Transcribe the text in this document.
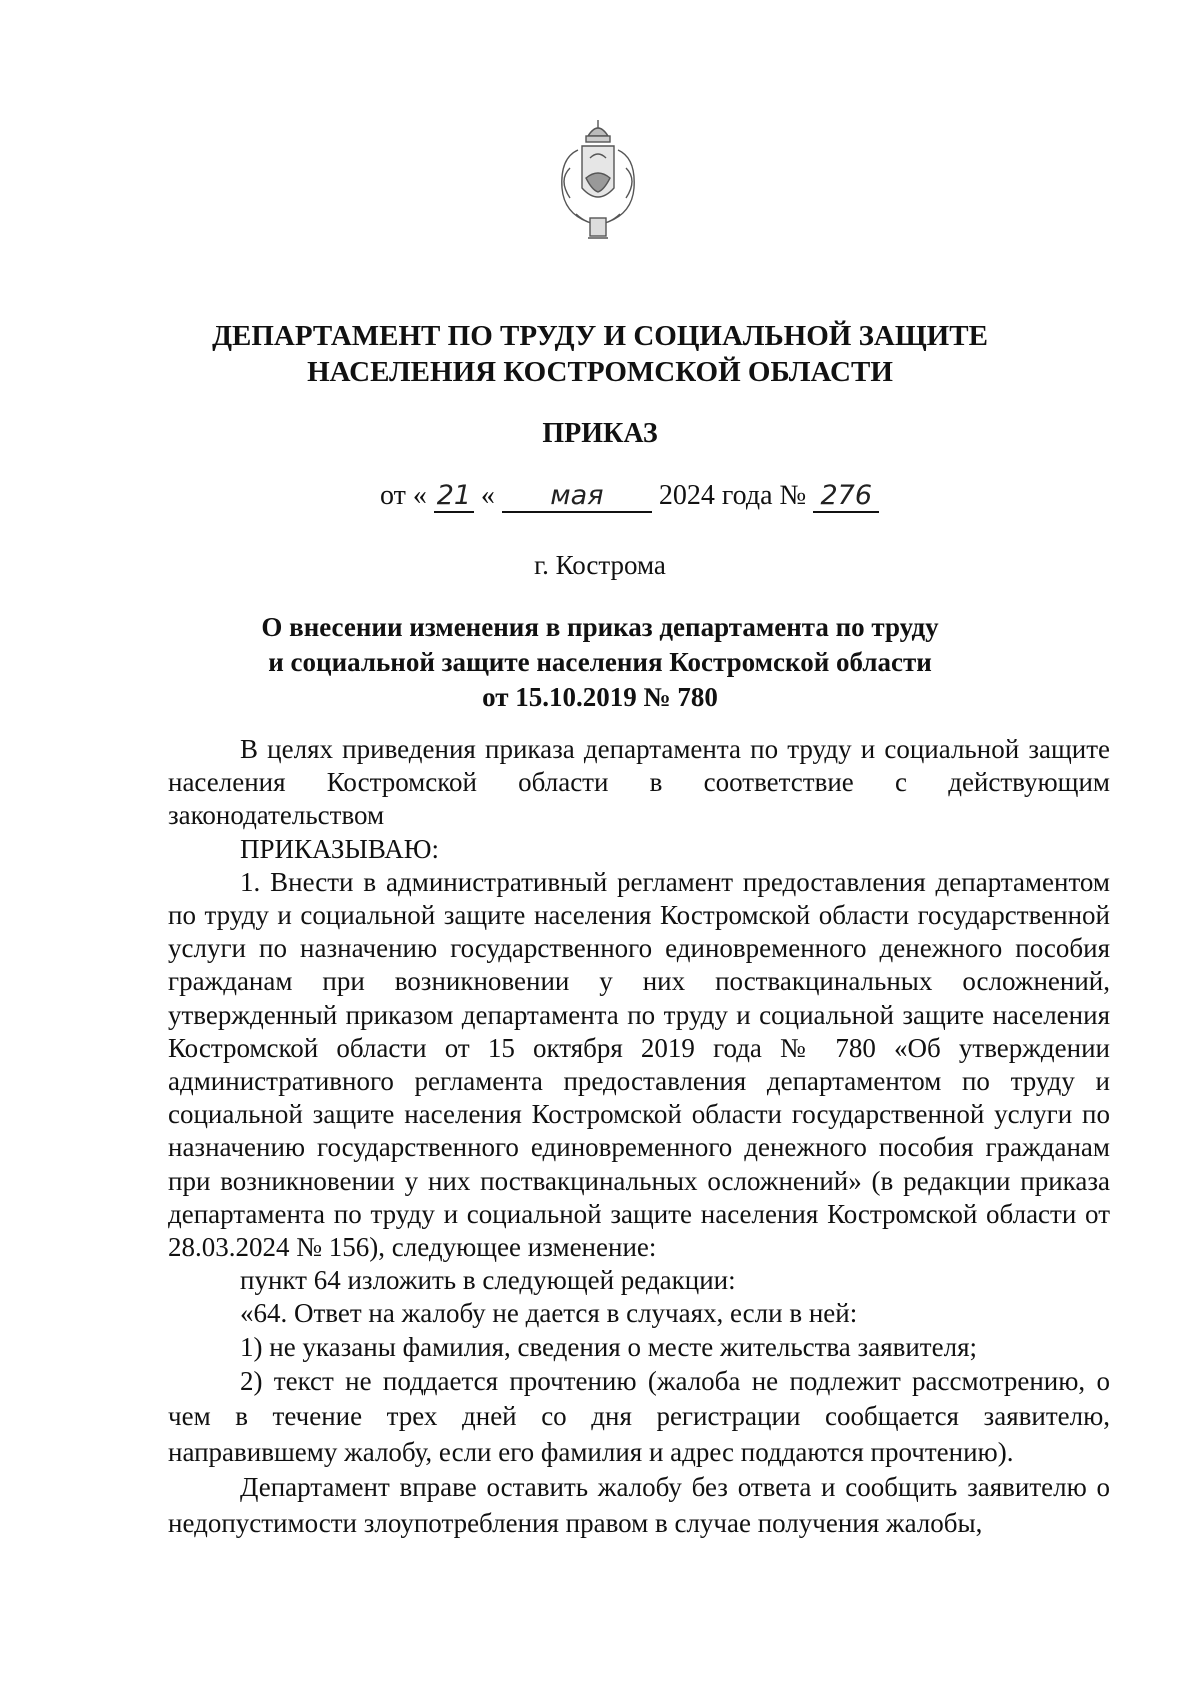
ДЕПАРТАМЕНТ ПО ТРУДУ И СОЦИАЛЬНОЙ ЗАЩИТЕ
НАСЕЛЕНИЯ КОСТРОМСКОЙ ОБЛАСТИ
ПРИКАЗ
от « 21 « мая 2024 года № 276
г. Кострома
О внесении изменения в приказ департамента по труду
и социальной защите населения Костромской области
от 15.10.2019 № 780

В целях приведения приказа департамента по труду и социальной защите населения Костромской области в соответствие с действующим законодательством

ПРИКАЗЫВАЮ:

1. Внести в административный регламент предоставления департаментом по труду и социальной защите населения Костромской области государственной услуги по назначению государственного единовременного денежного пособия гражданам при возникновении у них поствакцинальных осложнений, утвержденный приказом департамента по труду и социальной защите населения Костромской области от 15 октября 2019 года № 780 «Об утверждении административного регламента предоставления департаментом по труду и социальной защите населения Костромской области государственной услуги по назначению государственного единовременного денежного пособия гражданам при возникновении у них поствакцинальных осложнений» (в редакции приказа департамента по труду и социальной защите населения Костромской области от 28.03.2024 № 156), следующее изменение:

пункт 64 изложить в следующей редакции:

«64. Ответ на жалобу не дается в случаях, если в ней:

1) не указаны фамилия, сведения о месте жительства заявителя;

2) текст не поддается прочтению (жалоба не подлежит рассмотрению, о чем в течение трех дней со дня регистрации сообщается заявителю, направившему жалобу, если его фамилия и адрес поддаются прочтению).

Департамент вправе оставить жалобу без ответа и сообщить заявителю о недопустимости злоупотребления правом в случае получения жалобы,
